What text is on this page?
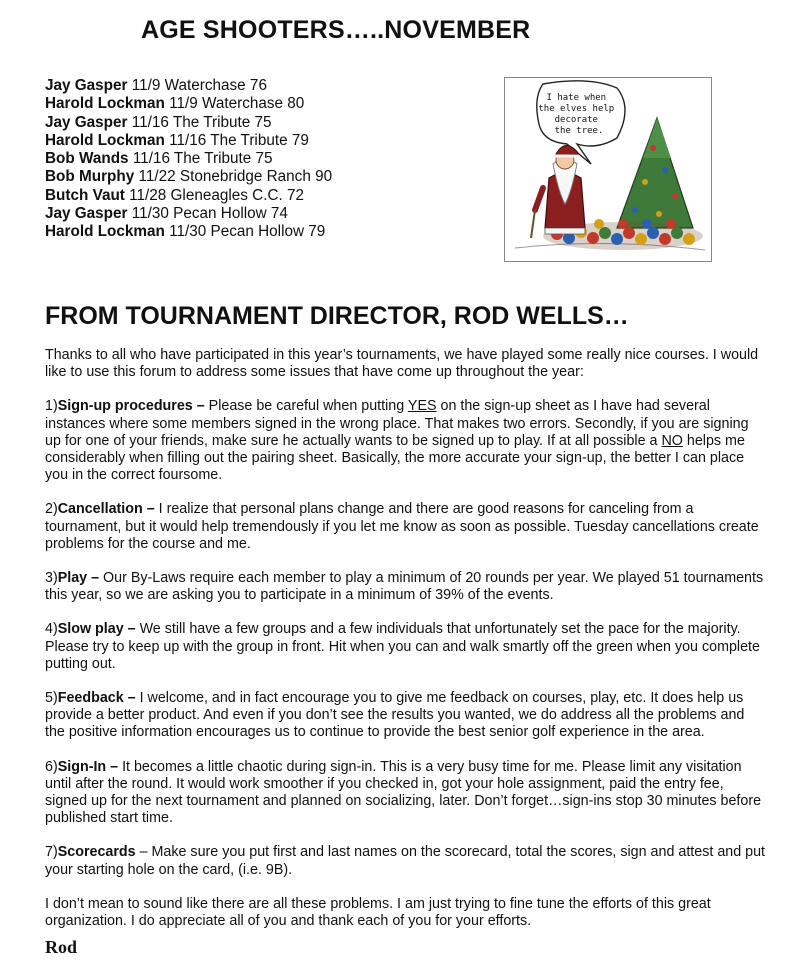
AGE SHOOTERS…..NOVEMBER
Jay Gasper 11/9 Waterchase 76
Harold Lockman 11/9 Waterchase 80
Jay Gasper 11/16 The Tribute 75
Harold Lockman 11/16 The Tribute 79
Bob Wands 11/16 The Tribute 75
Bob Murphy 11/22 Stonebridge Ranch 90
Butch Vaut 11/28 Gleneagles C.C. 72
Jay Gasper 11/30 Pecan Hollow 74
Harold Lockman 11/30 Pecan Hollow 79
I hate when the elves help decorate the tree.
FROM TOURNAMENT DIRECTOR, ROD WELLS…

Thanks to all who have participated in this year’s tournaments, we have played some really nice courses. I would like to use this forum to address some issues that have come up throughout the year:

1)Sign-up procedures – Please be careful when putting YES on the sign-up sheet as I have had several instances where some members signed in the wrong place. That makes two errors. Secondly, if you are signing up for one of your friends, make sure he actually wants to be signed up to play. If at all possible a NO helps me considerably when filling out the pairing sheet. Basically, the more accurate your sign-up, the better I can place you in the correct foursome.

2)Cancellation – I realize that personal plans change and there are good reasons for canceling from a tournament, but it would help tremendously if you let me know as soon as possible. Tuesday cancellations create problems for the course and me.

3)Play – Our By-Laws require each member to play a minimum of 20 rounds per year. We played 51 tournaments this year, so we are asking you to participate in a minimum of 39% of the events.

4)Slow play – We still have a few groups and a few individuals that unfortunately set the pace for the majority. Please try to keep up with the group in front. Hit when you can and walk smartly off the green when you complete putting out.

5)Feedback – I welcome, and in fact encourage you to give me feedback on courses, play, etc. It does help us provide a better product. And even if you don’t see the results you wanted, we do address all the problems and the positive information encourages us to continue to provide the best senior golf experience in the area.

6)Sign-In – It becomes a little chaotic during sign-in. This is a very busy time for me. Please limit any visitation until after the round. It would work smoother if you checked in, got your hole assignment, paid the entry fee, signed up for the next tournament and planned on socializing, later. Don’t forget…sign-ins stop 30 minutes before published start time.

7)Scorecards – Make sure you put first and last names on the scorecard, total the scores, sign and attest and put your starting hole on the card, (i.e. 9B).

I don’t mean to sound like there are all these problems. I am just trying to fine tune the efforts of this great organization. I do appreciate all of you and thank each of you for your efforts.

Rod
